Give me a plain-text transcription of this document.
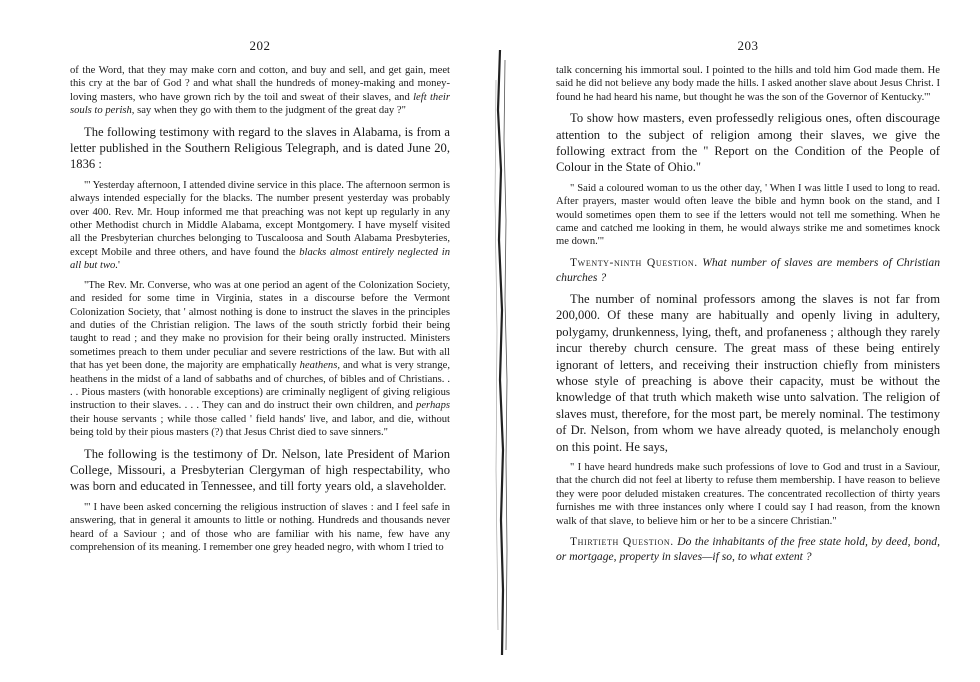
202

of the Word, that they may make corn and cotton, and buy and sell, and get gain, meet this cry at the bar of God ? and what shall the hundreds of money-making and money-loving masters, who have grown rich by the toil and sweat of their slaves, and left their souls to perish, say when they go with them to the judgment of the great day ?"

The following testimony with regard to the slaves in Alabama, is from a letter published in the Southern Religious Telegraph, and is dated June 20, 1836 :

"' Yesterday afternoon, I attended divine service in this place. The afternoon sermon is always intended especially for the blacks. The number present yesterday was probably over 400. Rev. Mr. Houp informed me that preaching was not kept up regularly in any other Methodist church in Middle Alabama, except Montgomery. I have myself visited all the Presbyterian churches belonging to Tuscaloosa and South Alabama Presbyteries, except Mobile and three others, and have found the blacks almost entirely neglected in all but two.'

"The Rev. Mr. Converse, who was at one period an agent of the Colonization Society, and resided for some time in Virginia, states in a discourse before the Vermont Colonization Society, that ' almost nothing is done to instruct the slaves in the principles and duties of the Christian religion. The laws of the south strictly forbid their being taught to read ; and they make no provision for their being orally instructed. Ministers sometimes preach to them under peculiar and severe restrictions of the law. But with all that has yet been done, the majority are emphatically heathens, and what is very strange, heathens in the midst of a land of sabbaths and of churches, of bibles and of Christians. . . . Pious masters (with honorable exceptions) are criminally negligent of giving religious instruction to their slaves. . . . They can and do instruct their own children, and perhaps their house servants ; while those called ' field hands' live, and labor, and die, without being told by their pious masters (?) that Jesus Christ died to save sinners."

The following is the testimony of Dr. Nelson, late President of Marion College, Missouri, a Presbyterian Clergyman of high respectability, who was born and educated in Tennessee, and till forty years old, a slaveholder.

"' I have been asked concerning the religious instruction of slaves : and I feel safe in answering, that in general it amounts to little or nothing. Hundreds and thousands never heard of a Saviour ; and of those who are familiar with his name, few have any comprehension of its meaning. I remember one grey headed negro, with whom I tried to

203

talk concerning his immortal soul. I pointed to the hills and told him God made them. He said he did not believe any body made the hills. I asked another slave about Jesus Christ. I found he had heard his name, but thought he was the son of the Governor of Kentucky.'"

To show how masters, even professedly religious ones, often discourage attention to the subject of religion among their slaves, we give the following extract from the " Report on the Condition of the People of Colour in the State of Ohio."

" Said a coloured woman to us the other day, ' When I was little I used to long to read. After prayers, master would often leave the bible and hymn book on the stand, and I would sometimes open them to see if the letters would not tell me something. When he came and catched me looking in them, he would always strike me and sometimes knock me down.'"

Twenty-ninth Question. What number of slaves are members of Christian churches ?

The number of nominal professors among the slaves is not far from 200,000. Of these many are habitually and openly living in adultery, polygamy, drunkenness, lying, theft, and profaneness ; although they rarely incur thereby church censure. The great mass of these being entirely ignorant of letters, and receiving their instruction chiefly from ministers whose style of preaching is above their capacity, must be without the knowledge of that truth which maketh wise unto salvation. The religion of slaves must, therefore, for the most part, be merely nominal. The testimony of Dr. Nelson, from whom we have already quoted, is melancholy enough on this point. He says,

" I have heard hundreds make such professions of love to God and trust in a Saviour, that the church did not feel at liberty to refuse them membership. I have reason to believe they were poor deluded mistaken creatures. The concentrated recollection of thirty years furnishes me with three instances only where I could say I had reason, from the known walk of that slave, to believe him or her to be a sincere Christian."

Thirtieth Question. Do the inhabitants of the free state hold, by deed, bond, or mortgage, property in slaves—if so, to what extent ?
